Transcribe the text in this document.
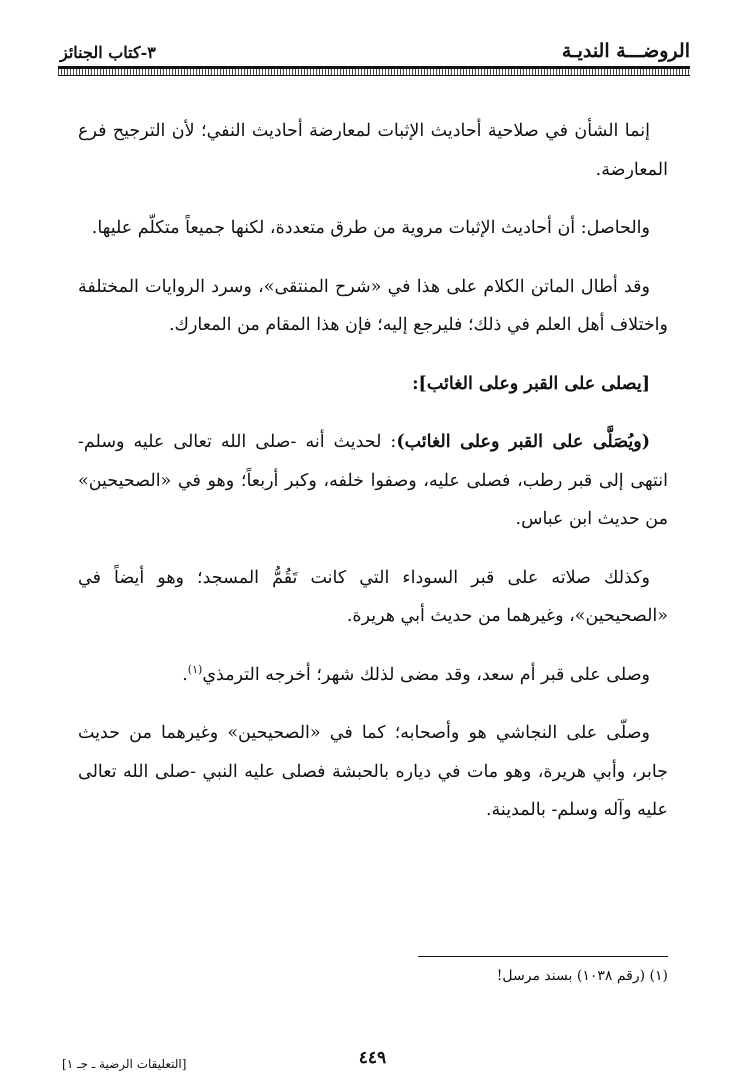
الروضـــة النديـة
٣-كتاب الجنائز

إنما الشأن في صلاحية أحاديث الإثبات لمعارضة أحاديث النفي؛ لأن الترجيح فرع المعارضة.

والحاصل: أن أحاديث الإثبات مروية من طرق متعددة، لكنها جميعاً متكلّم عليها.

وقد أطال الماتن الكلام على هذا في «شرح المنتقى»، وسرد الروايات المختلفة واختلاف أهل العلم في ذلك؛ فليرجع إليه؛ فإن هذا المقام من المعارك.

[يصلى على القبر وعلى الغائب]:

(ويُصَلَّى على القبر وعلى الغائب): لحديث أنه -صلى الله تعالى عليه وسلم- انتهى إلى قبر رطب، فصلى عليه، وصفوا خلفه، وكبر أربعاً؛ وهو في «الصحيحين» من حديث ابن عباس.

وكذلك صلاته على قبر السوداء التي كانت تَقُمُّ المسجد؛ وهو أيضاً في «الصحيحين»، وغيرهما من حديث أبي هريرة.

وصلى على قبر أم سعد، وقد مضى لذلك شهر؛ أخرجه الترمذي$^{(١)}$.

وصلّى على النجاشي هو وأصحابه؛ كما في «الصحيحين» وغيرهما من حديث جابر، وأبي هريرة، وهو مات في دياره بالحبشة فصلى عليه النبي -صلى الله تعالى عليه وآله وسلم- بالمدينة.

(١) (رقم ١٠٣٨) بسند مرسل!
٤٤٩
[التعليقات الرضية ـ جـ ١]
